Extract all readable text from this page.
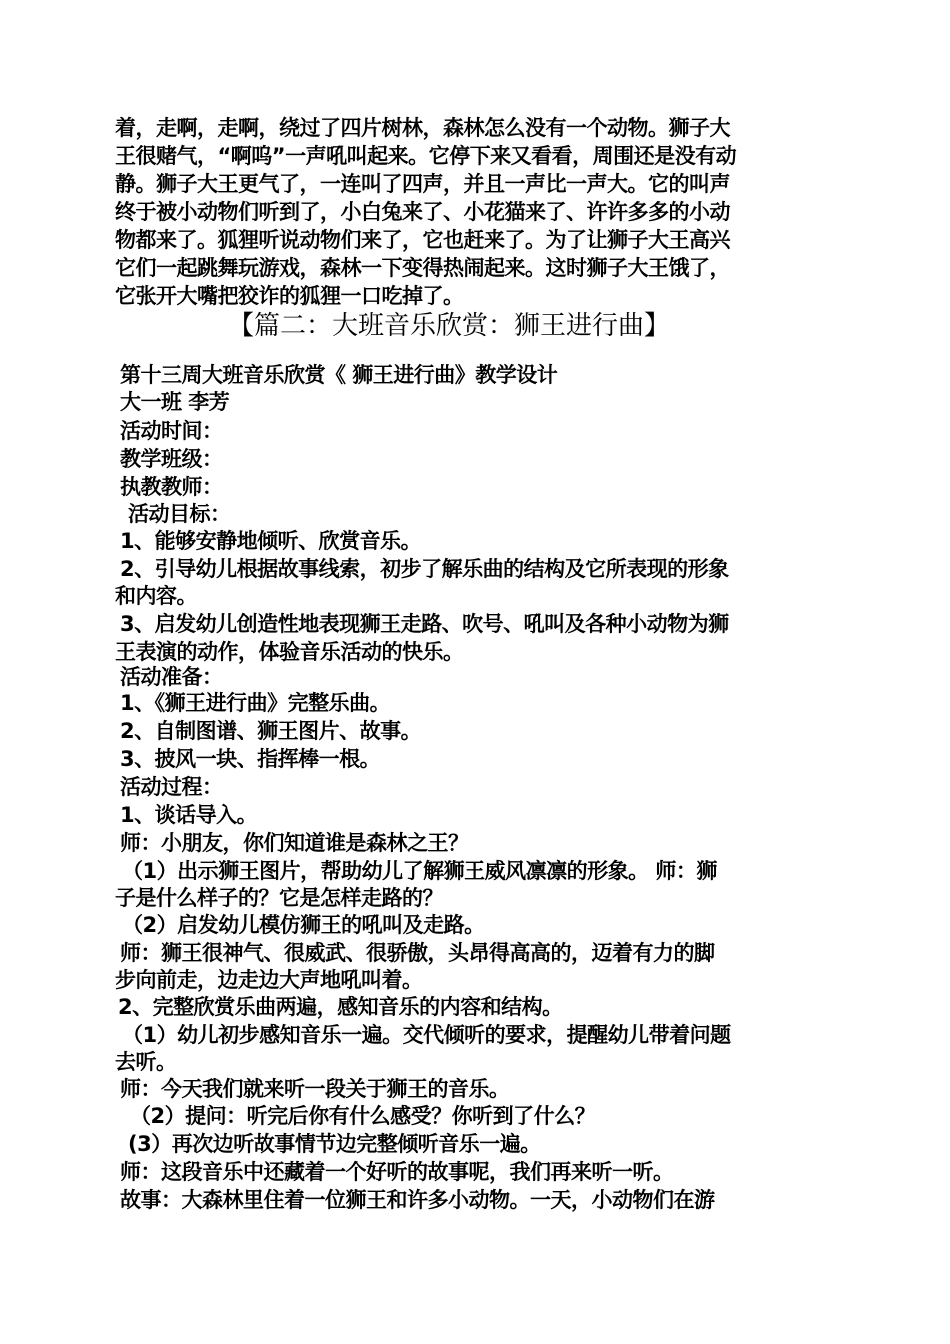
着，走啊，走啊，绕过了四片树林，森林怎么没有一个动物。狮子大
王很赌气，“啊呜”一声吼叫起来。它停下来又看看，周围还是没有动
静。狮子大王更气了，一连叫了四声，并且一声比一声大。它的叫声
终于被小动物们听到了，小白兔来了、小花猫来了、许许多多的小动
物都来了。狐狸听说动物们来了，它也赶来了。为了让狮子大王高兴
它们一起跳舞玩游戏，森林一下变得热闹起来。这时狮子大王饿了，
它张开大嘴把狡诈的狐狸一口吃掉了。
【篇二：大班音乐欣赏：狮王进行曲】
第十三周大班音乐欣赏《 狮王进行曲》教学设计
大一班 李芳
活动时间：
教学班级：
执教教师：
活动目标：
1、能够安静地倾听、欣赏音乐。
2、引导幼儿根据故事线索，初步了解乐曲的结构及它所表现的形象
和内容。
3、启发幼儿创造性地表现狮王走路、吹号、吼叫及各种小动物为狮
王表演的动作，体验音乐活动的快乐。
活动准备：
1、《狮王进行曲》完整乐曲。
2、自制图谱、狮王图片、故事。
3、披风一块、指挥棒一根。
活动过程：
1、谈话导入。
师：小朋友，你们知道谁是森林之王？
（1）出示狮王图片，帮助幼儿了解狮王威风凛凛的形象。 师：狮
子是什么样子的？它是怎样走路的？
（2）启发幼儿模仿狮王的吼叫及走路。
师：狮王很神气、很威武、很骄傲，头昂得高高的，迈着有力的脚
步向前走，边走边大声地吼叫着。
2、完整欣赏乐曲两遍，感知音乐的内容和结构。
（1）幼儿初步感知音乐一遍。交代倾听的要求，提醒幼儿带着问题
去听。
师：今天我们就来听一段关于狮王的音乐。
（2）提问：听完后你有什么感受？你听到了什么？
(3）再次边听故事情节边完整倾听音乐一遍。
师：这段音乐中还藏着一个好听的故事呢，我们再来听一听。
故事：大森林里住着一位狮王和许多小动物。一天，小动物们在游
